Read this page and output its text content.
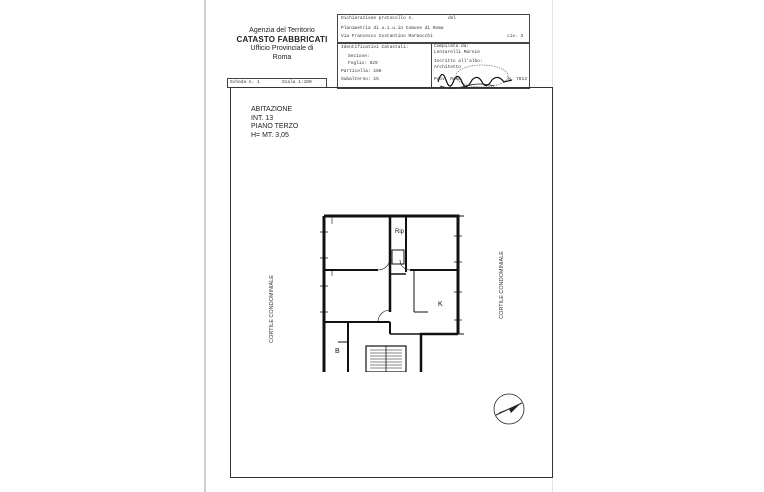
Agenzia del Territorio
CATASTO FABBRICATI
Ufficio Provinciale di
Roma
Dichiarazione protocollo n.	del
Planimetria di u.i.u.in Comune di Roma
Via Francesco Costantino Marmocchi	civ. 3
Identificativi Catastali:
Sezione:
Foglio: 629
Particella: 186
Subalterno: 15
Compilata da:
Lentarelli Marnie
Iscritto all'albo:
Architetto
Prov. Roma	N. 7813
Scheda n. 1	Scala 1:100
ABITAZIONE
INT. 13
PIANO TERZO
H= MT. 3,05
CORTILE CONDOMINIALE	CORTILE CONDOMINIALE
Rip
K
B
